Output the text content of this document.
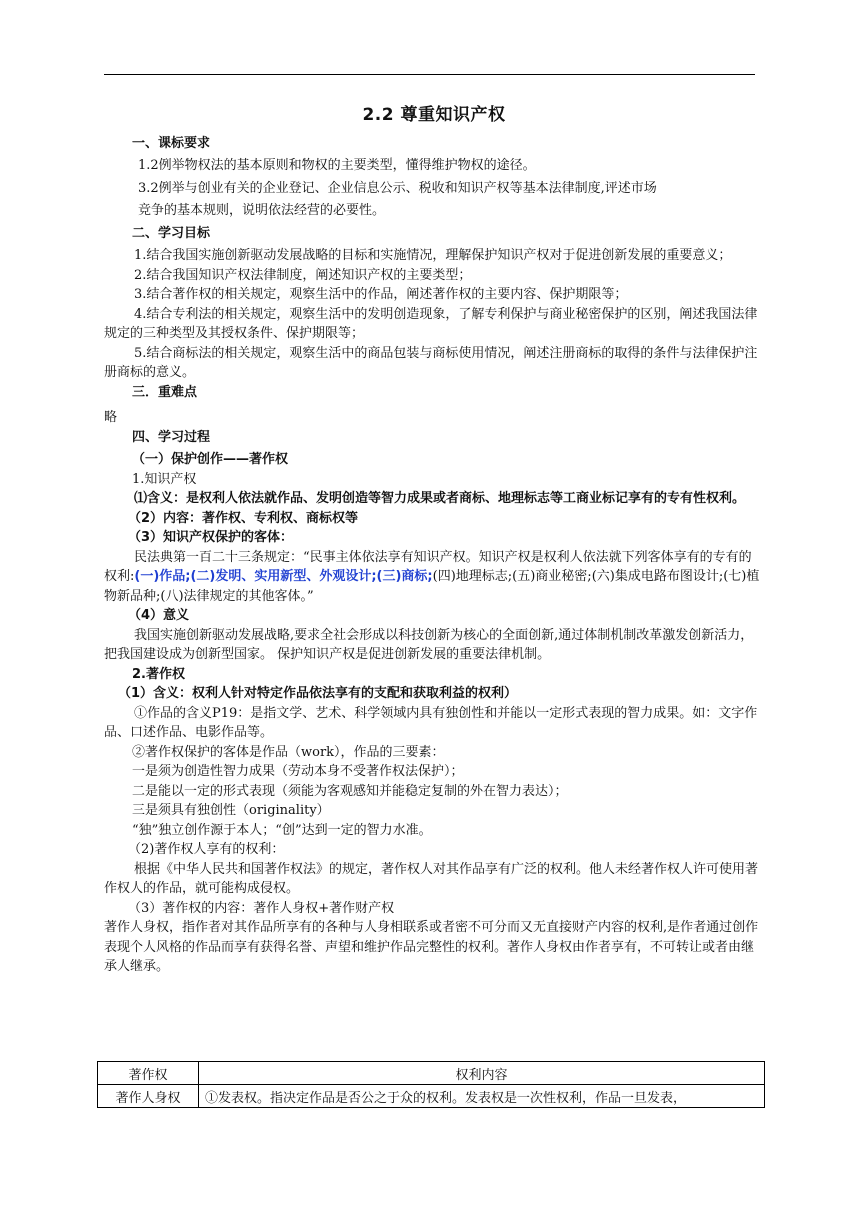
2.2 尊重知识产权
一、课标要求

1.2例举物权法的基本原则和物权的主要类型，懂得维护物权的途径。

3.2例举与创业有关的企业登记、企业信息公示、税收和知识产权等基本法律制度,评述市场

竞争的基本规则，说明依法经营的必要性。

二、学习目标

1.结合我国实施创新驱动发展战略的目标和实施情况，理解保护知识产权对于促进创新发展的重要意义；

2.结合我国知识产权法律制度，阐述知识产权的主要类型；

3.结合著作权的相关规定，观察生活中的作品，阐述著作权的主要内容、保护期限等；

4.结合专利法的相关规定，观察生活中的发明创造现象，了解专利保护与商业秘密保护的区别，阐述我国法律规定的三种类型及其授权条件、保护期限等；

5.结合商标法的相关规定，观察生活中的商品包装与商标使用情况，阐述注册商标的取得的条件与法律保护注册商标的意义。

三．重难点

略

四、学习过程
（一）保护创作——著作权

1.知识产权

⑴含义：是权利人依法就作品、发明创造等智力成果或者商标、地理标志等工商业标记享有的专有性权利。

（2）内容：著作权、专利权、商标权等

（3）知识产权保护的客体：

民法典第一百二十三条规定：“民事主体依法享有知识产权。知识产权是权利人依法就下列客体享有的专有的权利:(一)作品;(二)发明、实用新型、外观设计;(三)商标;(四)地理标志;(五)商业秘密;(六)集成电路布图设计;(七)植物新品种;(八)法律规定的其他客体。”

（4）意义

我国实施创新驱动发展战略,要求全社会形成以科技创新为核心的全面创新,通过体制机制改革激发创新活力，把我国建设成为创新型国家。 保护知识产权是促进创新发展的重要法律机制。

2.著作权

（1）含义：权利人针对特定作品依法享有的支配和获取利益的权利）

①作品的含义P19：是指文学、艺术、科学领域内具有独创性和并能以一定形式表现的智力成果。如：文字作品、口述作品、电影作品等。

②著作权保护的客体是作品（work），作品的三要素：

一是须为创造性智力成果（劳动本身不受著作权法保护）；

二是能以一定的形式表现（须能为客观感知并能稳定复制的外在智力表达）；

三是须具有独创性（originality）

“独”独立创作源于本人；“创”达到一定的智力水准。

（2)著作权人享有的权利：

根据《中华人民共和国著作权法》的规定，著作权人对其作品享有广泛的权利。他人未经著作权人许可使用著作权人的作品，就可能构成侵权。

（3）著作权的内容：著作人身权+著作财产权

著作人身权，指作者对其作品所享有的各种与人身相联系或者密不可分而又无直接财产内容的权利,是作者通过创作表现个人风格的作品而享有获得名誉、声望和维护作品完整性的权利。著作人身权由作者享有，不可转让或者由继承人继承。

著作权	权利内容
著作人身权	①发表权。指决定作品是否公之于众的权利。发表权是一次性权利，作品一旦发表，
